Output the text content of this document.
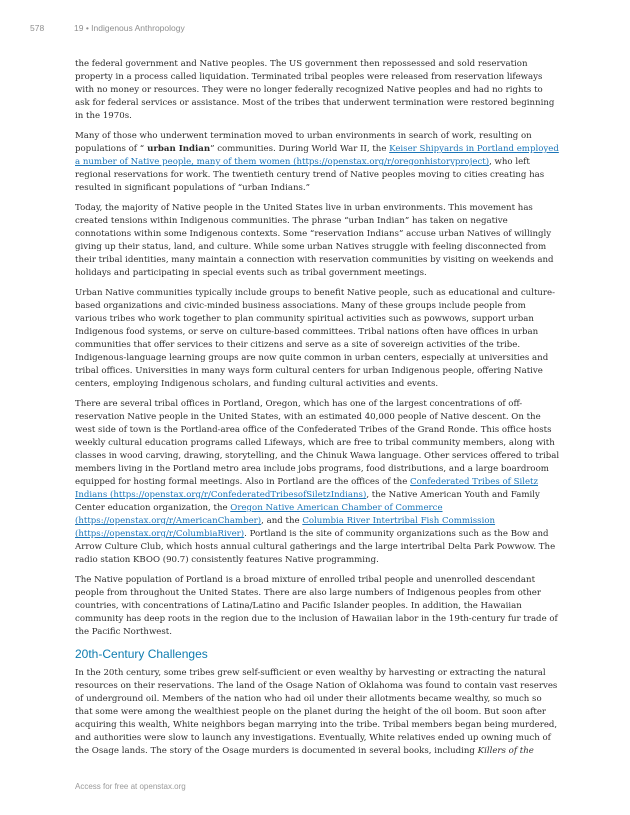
578	19 • Indigenous Anthropology

the federal government and Native peoples. The US government then repossessed and sold reservation property in a process called liquidation. Terminated tribal peoples were released from reservation lifeways with no money or resources. They were no longer federally recognized Native peoples and had no rights to ask for federal services or assistance. Most of the tribes that underwent termination were restored beginning in the 1970s.

Many of those who underwent termination moved to urban environments in search of work, resulting on populations of “ urban Indian” communities. During World War II, the Keiser Shipyards in Portland employed a number of Native people, many of them women (https://openstax.org/r/oregonhistoryproject), who left regional reservations for work. The twentieth century trend of Native peoples moving to cities creating has resulted in significant populations of “urban Indians.”

Today, the majority of Native people in the United States live in urban environments. This movement has created tensions within Indigenous communities. The phrase “urban Indian” has taken on negative connotations within some Indigenous contexts. Some “reservation Indians” accuse urban Natives of willingly giving up their status, land, and culture. While some urban Natives struggle with feeling disconnected from their tribal identities, many maintain a connection with reservation communities by visiting on weekends and holidays and participating in special events such as tribal government meetings.

Urban Native communities typically include groups to benefit Native people, such as educational and culture-based organizations and civic-minded business associations. Many of these groups include people from various tribes who work together to plan community spiritual activities such as powwows, support urban Indigenous food systems, or serve on culture-based committees. Tribal nations often have offices in urban communities that offer services to their citizens and serve as a site of sovereign activities of the tribe. Indigenous-language learning groups are now quite common in urban centers, especially at universities and tribal offices. Universities in many ways form cultural centers for urban Indigenous people, offering Native centers, employing Indigenous scholars, and funding cultural activities and events.

There are several tribal offices in Portland, Oregon, which has one of the largest concentrations of off-reservation Native people in the United States, with an estimated 40,000 people of Native descent. On the west side of town is the Portland-area office of the Confederated Tribes of the Grand Ronde. This office hosts weekly cultural education programs called Lifeways, which are free to tribal community members, along with classes in wood carving, drawing, storytelling, and the Chinuk Wawa language. Other services offered to tribal members living in the Portland metro area include jobs programs, food distributions, and a large boardroom equipped for hosting formal meetings. Also in Portland are the offices of the Confederated Tribes of Siletz Indians (https://openstax.org/r/ConfederatedTribesofSiletzIndians), the Native American Youth and Family Center education organization, the Oregon Native American Chamber of Commerce (https://openstax.org/r/AmericanChamber), and the Columbia River Intertribal Fish Commission (https://openstax.org/r/ColumbiaRiver). Portland is the site of community organizations such as the Bow and Arrow Culture Club, which hosts annual cultural gatherings and the large intertribal Delta Park Powwow. The radio station KBOO (90.7) consistently features Native programming.

The Native population of Portland is a broad mixture of enrolled tribal people and unenrolled descendant people from throughout the United States. There are also large numbers of Indigenous peoples from other countries, with concentrations of Latina/Latino and Pacific Islander peoples. In addition, the Hawaiian community has deep roots in the region due to the inclusion of Hawaiian labor in the 19th-century fur trade of the Pacific Northwest.

20th-Century Challenges

In the 20th century, some tribes grew self-sufficient or even wealthy by harvesting or extracting the natural resources on their reservations. The land of the Osage Nation of Oklahoma was found to contain vast reserves of underground oil. Members of the nation who had oil under their allotments became wealthy, so much so that some were among the wealthiest people on the planet during the height of the oil boom. But soon after acquiring this wealth, White neighbors began marrying into the tribe. Tribal members began being murdered, and authorities were slow to launch any investigations. Eventually, White relatives ended up owning much of the Osage lands. The story of the Osage murders is documented in several books, including Killers of the

Access for free at openstax.org
